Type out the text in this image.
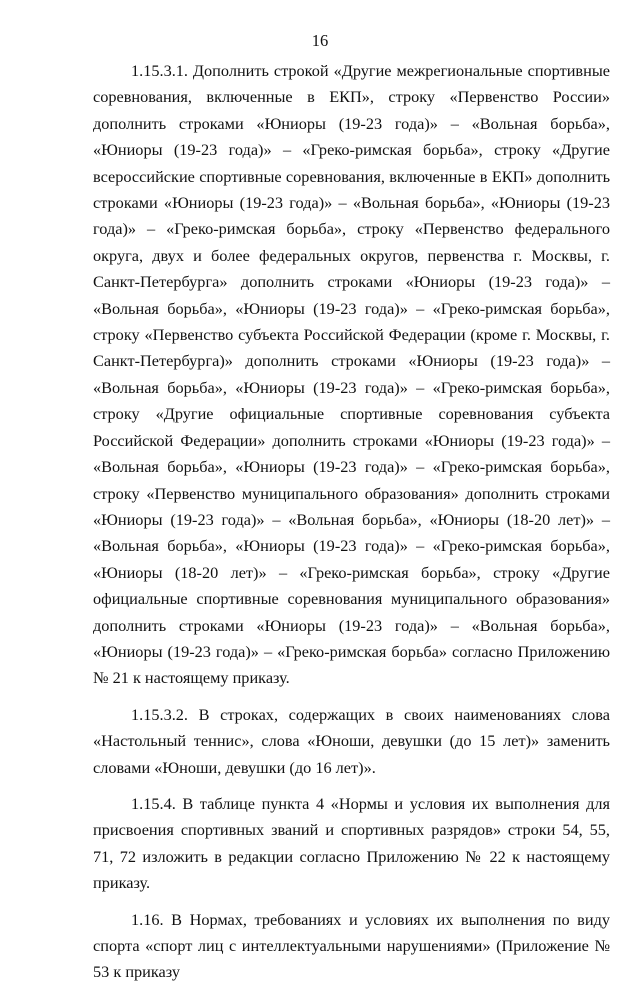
16

1.15.3.1. Дополнить строкой «Другие межрегиональные спортивные соревнования, включенные в ЕКП», строку «Первенство России» дополнить строками «Юниоры (19-23 года)» – «Вольная борьба», «Юниоры (19-23 года)» – «Греко-римская борьба», строку «Другие всероссийские спортивные соревнования, включенные в ЕКП» дополнить строками «Юниоры (19-23 года)» – «Вольная борьба», «Юниоры (19-23 года)» – «Греко-римская борьба», строку «Первенство федерального округа, двух и более федеральных округов, первенства г. Москвы, г. Санкт-Петербурга» дополнить строками «Юниоры (19-23 года)» – «Вольная борьба», «Юниоры (19-23 года)» – «Греко-римская борьба», строку «Первенство субъекта Российской Федерации (кроме г. Москвы, г. Санкт-Петербурга)» дополнить строками «Юниоры (19-23 года)» – «Вольная борьба», «Юниоры (19-23 года)» – «Греко-римская борьба», строку «Другие официальные спортивные соревнования субъекта Российской Федерации» дополнить строками «Юниоры (19-23 года)» – «Вольная борьба», «Юниоры (19-23 года)» – «Греко-римская борьба», строку «Первенство муниципального образования» дополнить строками «Юниоры (19-23 года)» – «Вольная борьба», «Юниоры (18-20 лет)» – «Вольная борьба», «Юниоры (19-23 года)» – «Греко-римская борьба», «Юниоры (18-20 лет)» – «Греко-римская борьба», строку «Другие официальные спортивные соревнования муниципального образования» дополнить строками «Юниоры (19-23 года)» – «Вольная борьба», «Юниоры (19-23 года)» – «Греко-римская борьба» согласно Приложению № 21 к настоящему приказу.

1.15.3.2. В строках, содержащих в своих наименованиях слова «Настольный теннис», слова «Юноши, девушки (до 15 лет)» заменить словами «Юноши, девушки (до 16 лет)».

1.15.4. В таблице пункта 4 «Нормы и условия их выполнения для присвоения спортивных званий и спортивных разрядов» строки 54, 55, 71, 72 изложить в редакции согласно Приложению № 22 к настоящему приказу.

1.16. В Нормах, требованиях и условиях их выполнения по виду спорта «спорт лиц с интеллектуальными нарушениями» (Приложение № 53 к приказу
